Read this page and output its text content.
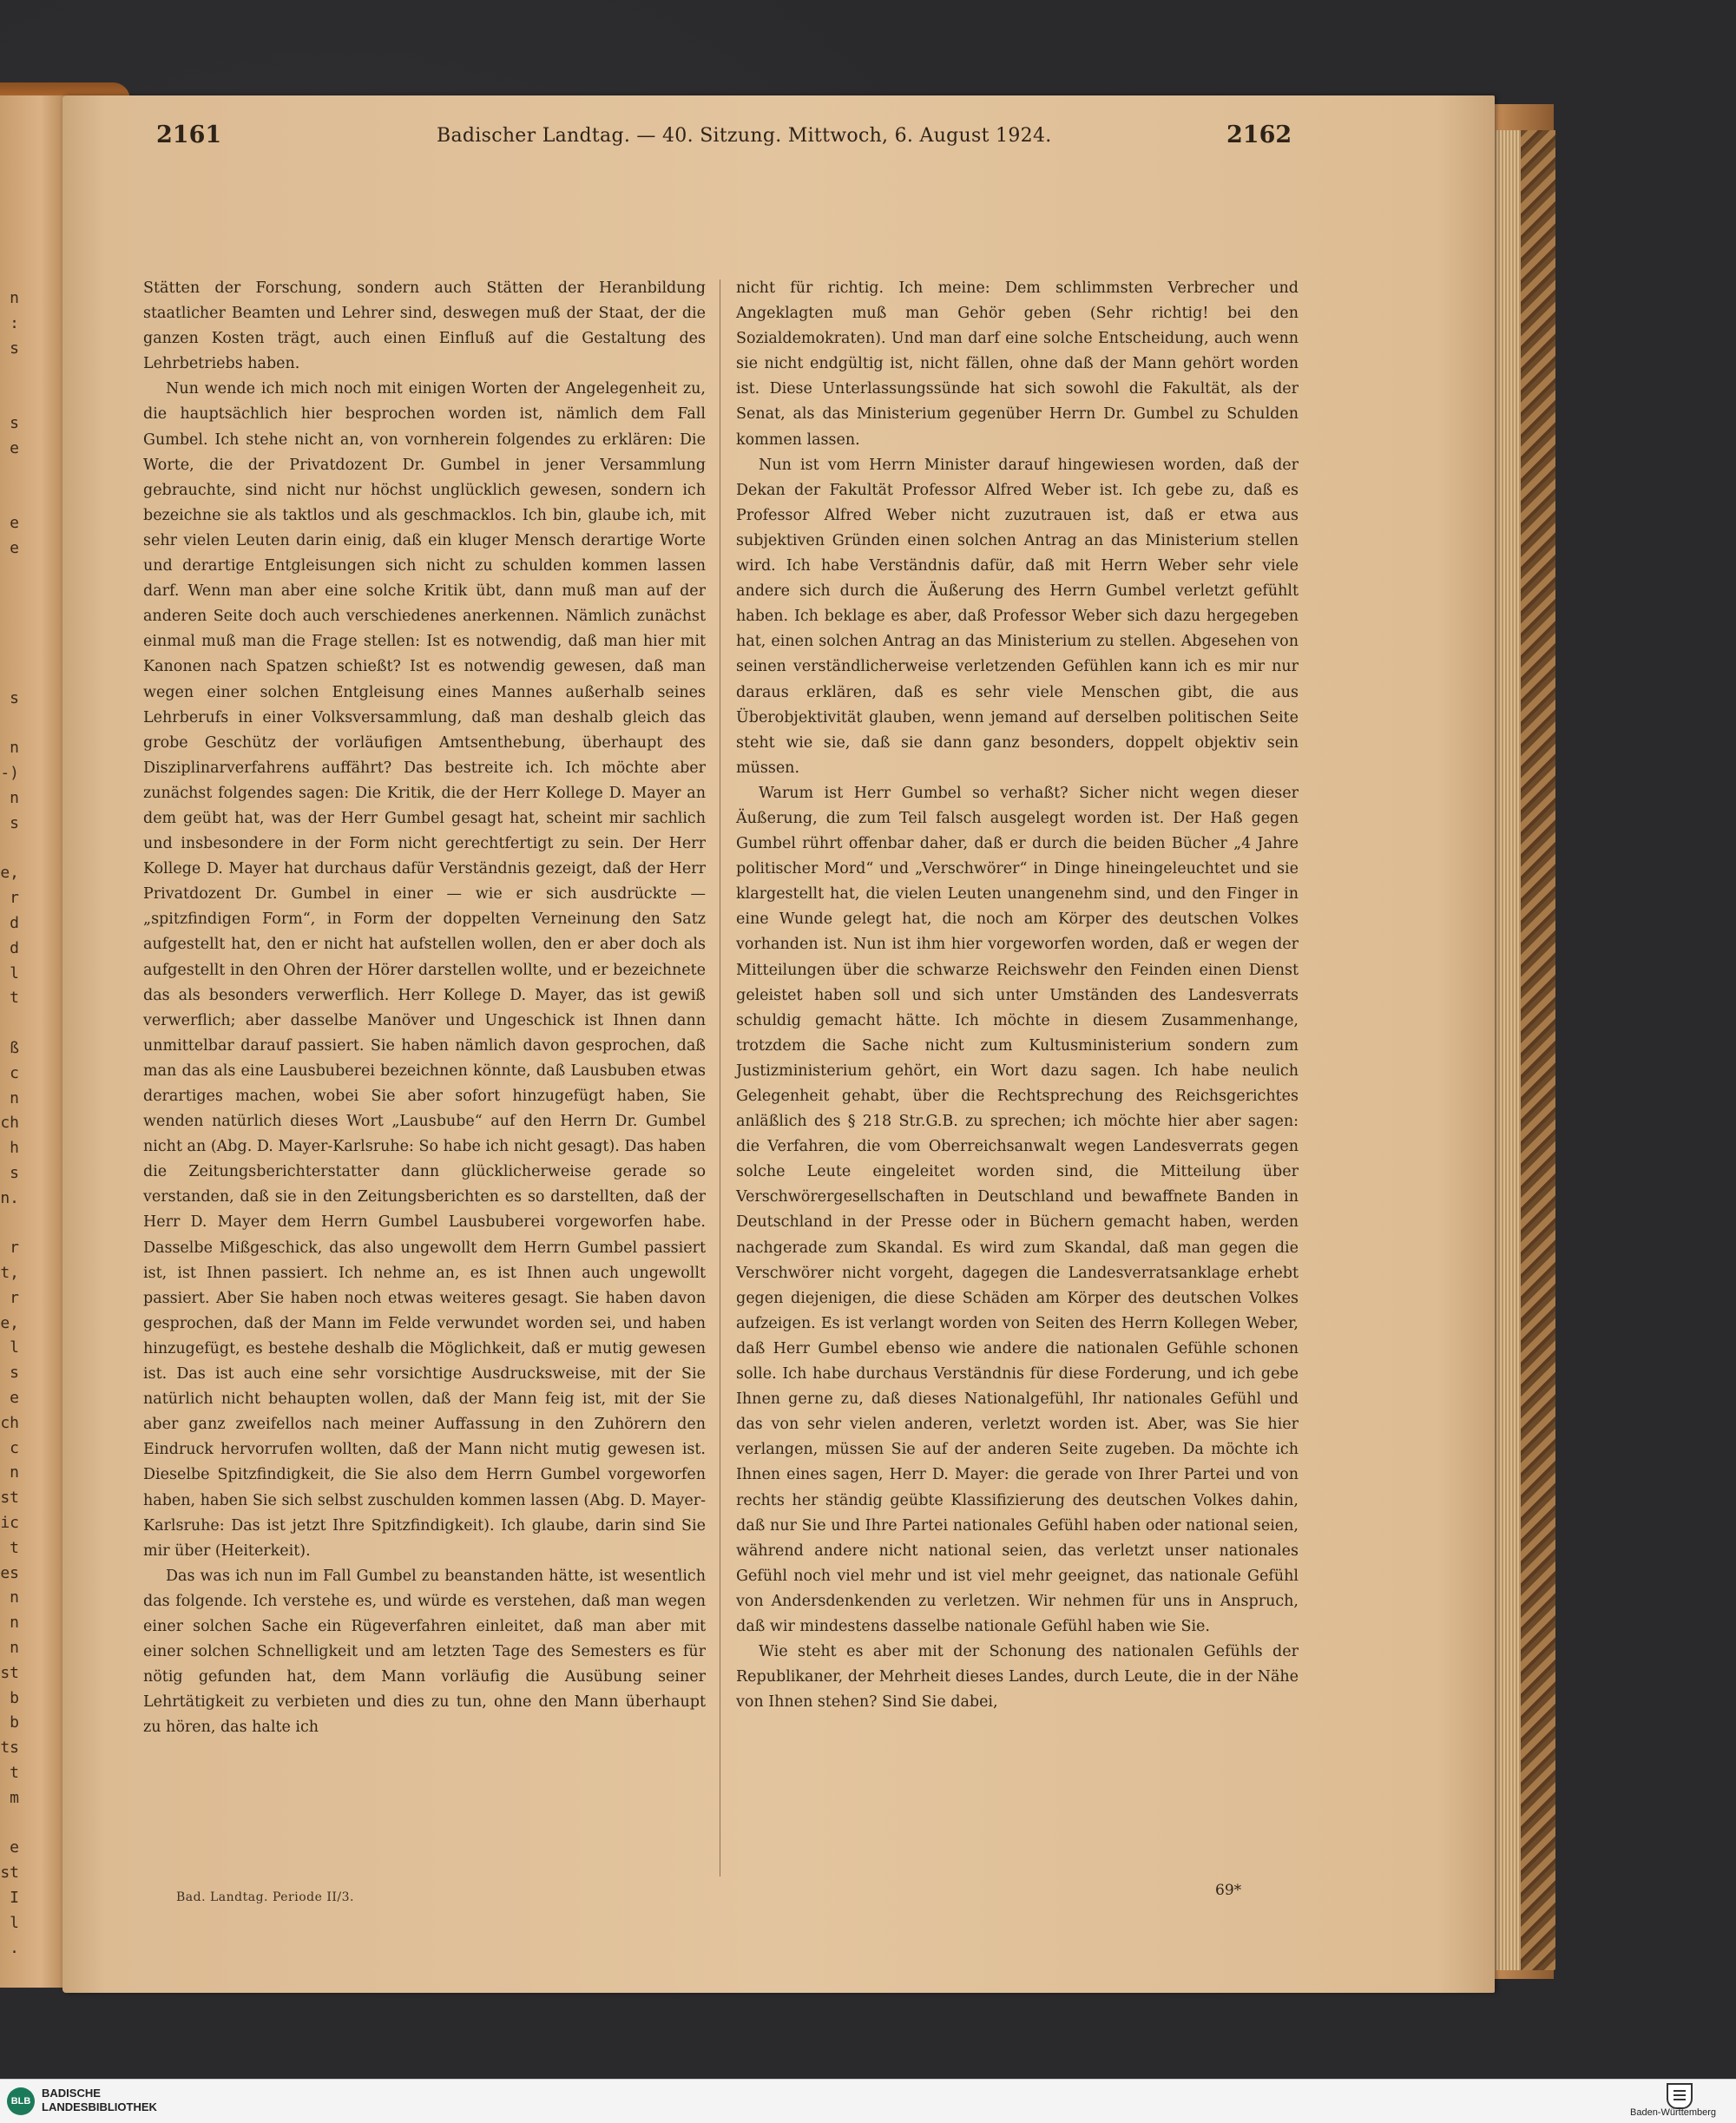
n
:
s

s
e

e
e

s

n
-)
n
s

e,
r
d
d
l
t

ß
c
n
ch
h
s
n.

r
t,
r
e,
l
s
e
ch
c
n
st
ic
t
es
n
n
n
st
b
b
ts
t
m

e
st
I
l
.
2161	Badischer Landtag. — 40. Sitzung. Mittwoch, 6. August 1924.	2162

Stätten der Forschung, sondern auch Stätten der Heranbildung staatlicher Beamten und Lehrer sind, deswegen muß der Staat, der die ganzen Kosten trägt, auch einen Einfluß auf die Gestaltung des Lehrbetriebs haben.

Nun wende ich mich noch mit einigen Worten der Angelegenheit zu, die hauptsächlich hier besprochen worden ist, nämlich dem Fall Gumbel. Ich stehe nicht an, von vornherein folgendes zu erklären: Die Worte, die der Privatdozent Dr. Gumbel in jener Versammlung gebrauchte, sind nicht nur höchst unglücklich gewesen, sondern ich bezeichne sie als taktlos und als geschmacklos. Ich bin, glaube ich, mit sehr vielen Leuten darin einig, daß ein kluger Mensch derartige Worte und derartige Entgleisungen sich nicht zu schulden kommen lassen darf. Wenn man aber eine solche Kritik übt, dann muß man auf der anderen Seite doch auch verschiedenes anerkennen. Nämlich zunächst einmal muß man die Frage stellen: Ist es notwendig, daß man hier mit Kanonen nach Spatzen schießt? Ist es notwendig gewesen, daß man wegen einer solchen Entgleisung eines Mannes außerhalb seines Lehrberufs in einer Volksversammlung, daß man deshalb gleich das grobe Geschütz der vorläufigen Amtsenthebung, überhaupt des Disziplinarverfahrens auffährt? Das bestreite ich. Ich möchte aber zunächst folgendes sagen: Die Kritik, die der Herr Kollege D. Mayer an dem geübt hat, was der Herr Gumbel gesagt hat, scheint mir sachlich und insbesondere in der Form nicht gerechtfertigt zu sein. Der Herr Kollege D. Mayer hat durchaus dafür Verständnis gezeigt, daß der Herr Privatdozent Dr. Gumbel in einer — wie er sich ausdrückte — „spitzfindigen Form“, in Form der doppelten Verneinung den Satz aufgestellt hat, den er nicht hat aufstellen wollen, den er aber doch als aufgestellt in den Ohren der Hörer darstellen wollte, und er bezeichnete das als besonders verwerflich. Herr Kollege D. Mayer, das ist gewiß verwerflich; aber dasselbe Manöver und Ungeschick ist Ihnen dann unmittelbar darauf passiert. Sie haben nämlich davon gesprochen, daß man das als eine Lausbuberei bezeichnen könnte, daß Lausbuben etwas derartiges machen, wobei Sie aber sofort hinzugefügt haben, Sie wenden natürlich dieses Wort „Lausbube“ auf den Herrn Dr. Gumbel nicht an (Abg. D. Mayer-Karlsruhe: So habe ich nicht gesagt). Das haben die Zeitungsberichterstatter dann glücklicherweise gerade so verstanden, daß sie in den Zeitungsberichten es so darstellten, daß der Herr D. Mayer dem Herrn Gumbel Lausbuberei vorgeworfen habe. Dasselbe Mißgeschick, das also ungewollt dem Herrn Gumbel passiert ist, ist Ihnen passiert. Ich nehme an, es ist Ihnen auch ungewollt passiert. Aber Sie haben noch etwas weiteres gesagt. Sie haben davon gesprochen, daß der Mann im Felde verwundet worden sei, und haben hinzugefügt, es bestehe deshalb die Möglichkeit, daß er mutig gewesen ist. Das ist auch eine sehr vorsichtige Ausdrucksweise, mit der Sie natürlich nicht behaupten wollen, daß der Mann feig ist, mit der Sie aber ganz zweifellos nach meiner Auffassung in den Zuhörern den Eindruck hervorrufen wollten, daß der Mann nicht mutig gewesen ist. Dieselbe Spitzfindigkeit, die Sie also dem Herrn Gumbel vorgeworfen haben, haben Sie sich selbst zuschulden kommen lassen (Abg. D. Mayer-Karlsruhe: Das ist jetzt Ihre Spitzfindigkeit). Ich glaube, darin sind Sie mir über (Heiterkeit).

Das was ich nun im Fall Gumbel zu beanstanden hätte, ist wesentlich das folgende. Ich verstehe es, und würde es verstehen, daß man wegen einer solchen Sache ein Rügeverfahren einleitet, daß man aber mit einer solchen Schnelligkeit und am letzten Tage des Semesters es für nötig gefunden hat, dem Mann vorläufig die Ausübung seiner Lehrtätigkeit zu verbieten und dies zu tun, ohne den Mann überhaupt zu hören, das halte ich

nicht für richtig. Ich meine: Dem schlimmsten Verbrecher und Angeklagten muß man Gehör geben (Sehr richtig! bei den Sozialdemokraten). Und man darf eine solche Entscheidung, auch wenn sie nicht endgültig ist, nicht fällen, ohne daß der Mann gehört worden ist. Diese Unterlassungssünde hat sich sowohl die Fakultät, als der Senat, als das Ministerium gegenüber Herrn Dr. Gumbel zu Schulden kommen lassen.

Nun ist vom Herrn Minister darauf hingewiesen worden, daß der Dekan der Fakultät Professor Alfred Weber ist. Ich gebe zu, daß es Professor Alfred Weber nicht zuzutrauen ist, daß er etwa aus subjektiven Gründen einen solchen Antrag an das Ministerium stellen wird. Ich habe Verständnis dafür, daß mit Herrn Weber sehr viele andere sich durch die Äußerung des Herrn Gumbel verletzt gefühlt haben. Ich beklage es aber, daß Professor Weber sich dazu hergegeben hat, einen solchen Antrag an das Ministerium zu stellen. Abgesehen von seinen verständlicherweise verletzenden Gefühlen kann ich es mir nur daraus erklären, daß es sehr viele Menschen gibt, die aus Überobjektivität glauben, wenn jemand auf derselben politischen Seite steht wie sie, daß sie dann ganz besonders, doppelt objektiv sein müssen.

Warum ist Herr Gumbel so verhaßt? Sicher nicht wegen dieser Äußerung, die zum Teil falsch ausgelegt worden ist. Der Haß gegen Gumbel rührt offenbar daher, daß er durch die beiden Bücher „4 Jahre politischer Mord“ und „Verschwörer“ in Dinge hineingeleuchtet und sie klargestellt hat, die vielen Leuten unangenehm sind, und den Finger in eine Wunde gelegt hat, die noch am Körper des deutschen Volkes vorhanden ist. Nun ist ihm hier vorgeworfen worden, daß er wegen der Mitteilungen über die schwarze Reichswehr den Feinden einen Dienst geleistet haben soll und sich unter Umständen des Landesverrats schuldig gemacht hätte. Ich möchte in diesem Zusammenhange, trotzdem die Sache nicht zum Kultusministerium sondern zum Justizministerium gehört, ein Wort dazu sagen. Ich habe neulich Gelegenheit gehabt, über die Rechtsprechung des Reichsgerichtes anläßlich des § 218 Str.G.B. zu sprechen; ich möchte hier aber sagen: die Verfahren, die vom Oberreichsanwalt wegen Landesverrats gegen solche Leute eingeleitet worden sind, die Mitteilung über Verschwörergesellschaften in Deutschland und bewaffnete Banden in Deutschland in der Presse oder in Büchern gemacht haben, werden nachgerade zum Skandal. Es wird zum Skandal, daß man gegen die Verschwörer nicht vorgeht, dagegen die Landesverratsanklage erhebt gegen diejenigen, die diese Schäden am Körper des deutschen Volkes aufzeigen. Es ist verlangt worden von Seiten des Herrn Kollegen Weber, daß Herr Gumbel ebenso wie andere die nationalen Gefühle schonen solle. Ich habe durchaus Verständnis für diese Forderung, und ich gebe Ihnen gerne zu, daß dieses Nationalgefühl, Ihr nationales Gefühl und das von sehr vielen anderen, verletzt worden ist. Aber, was Sie hier verlangen, müssen Sie auf der anderen Seite zugeben. Da möchte ich Ihnen eines sagen, Herr D. Mayer: die gerade von Ihrer Partei und von rechts her ständig geübte Klassifizierung des deutschen Volkes dahin, daß nur Sie und Ihre Partei nationales Gefühl haben oder national seien, während andere nicht national seien, das verletzt unser nationales Gefühl noch viel mehr und ist viel mehr geeignet, das nationale Gefühl von Andersdenkenden zu verletzen. Wir nehmen für uns in Anspruch, daß wir mindestens dasselbe nationale Gefühl haben wie Sie.

Wie steht es aber mit der Schonung des nationalen Gefühls der Republikaner, der Mehrheit dieses Landes, durch Leute, die in der Nähe von Ihnen stehen? Sind Sie dabei,

Bad. Landtag. Periode II/3.	69*
BLB
BADISCHE
LANDESBIBLIOTHEK	Baden-Württemberg
